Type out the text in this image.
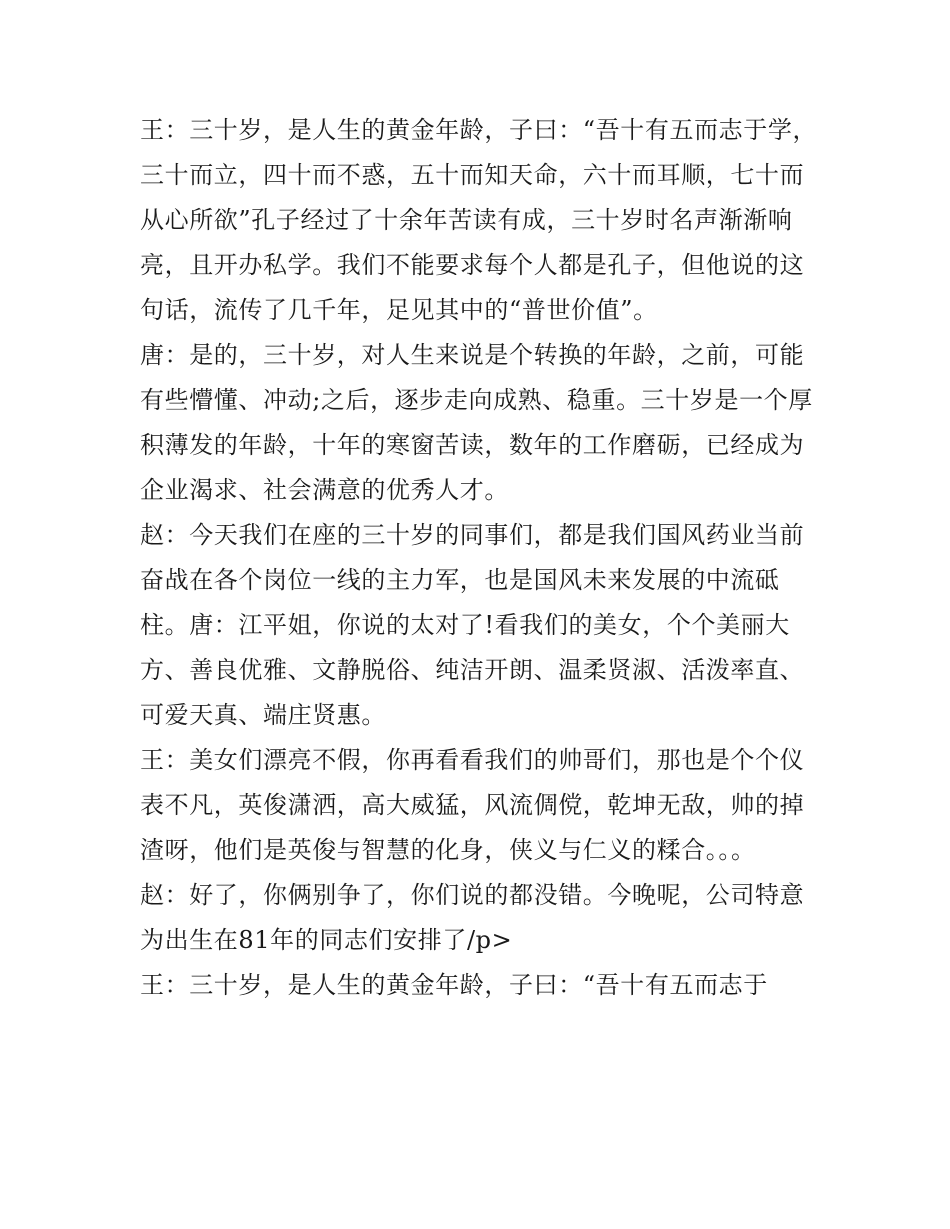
王：三十岁，是人生的黄金年龄，子曰：“吾十有五而志于学，三十而立，四十而不惑，五十而知天命，六十而耳顺，七十而从心所欲”孔子经过了十余年苦读有成，三十岁时名声渐渐响亮，且开办私学。我们不能要求每个人都是孔子，但他说的这句话，流传了几千年，足见其中的“普世价值”。

唐：是的，三十岁，对人生来说是个转换的年龄，之前，可能有些懵懂、冲动;之后，逐步走向成熟、稳重。三十岁是一个厚积薄发的年龄，十年的寒窗苦读，数年的工作磨砺，已经成为企业渴求、社会满意的优秀人才。

赵：今天我们在座的三十岁的同事们，都是我们国风药业当前奋战在各个岗位一线的主力军，也是国风未来发展的中流砥柱。唐：江平姐，你说的太对了!看我们的美女，个个美丽大方、善良优雅、文静脱俗、纯洁开朗、温柔贤淑、活泼率直、可爱天真、端庄贤惠。

王：美女们漂亮不假，你再看看我们的帅哥们，那也是个个仪表不凡，英俊潇洒，高大威猛，风流倜傥，乾坤无敌，帅的掉渣呀，他们是英俊与智慧的化身，侠义与仁义的糅合。。。

赵：好了，你俩别争了，你们说的都没错。今晚呢，公司特意为出生在81年的同志们安排了/p>

王：三十岁，是人生的黄金年龄，子曰：“吾十有五而志于
